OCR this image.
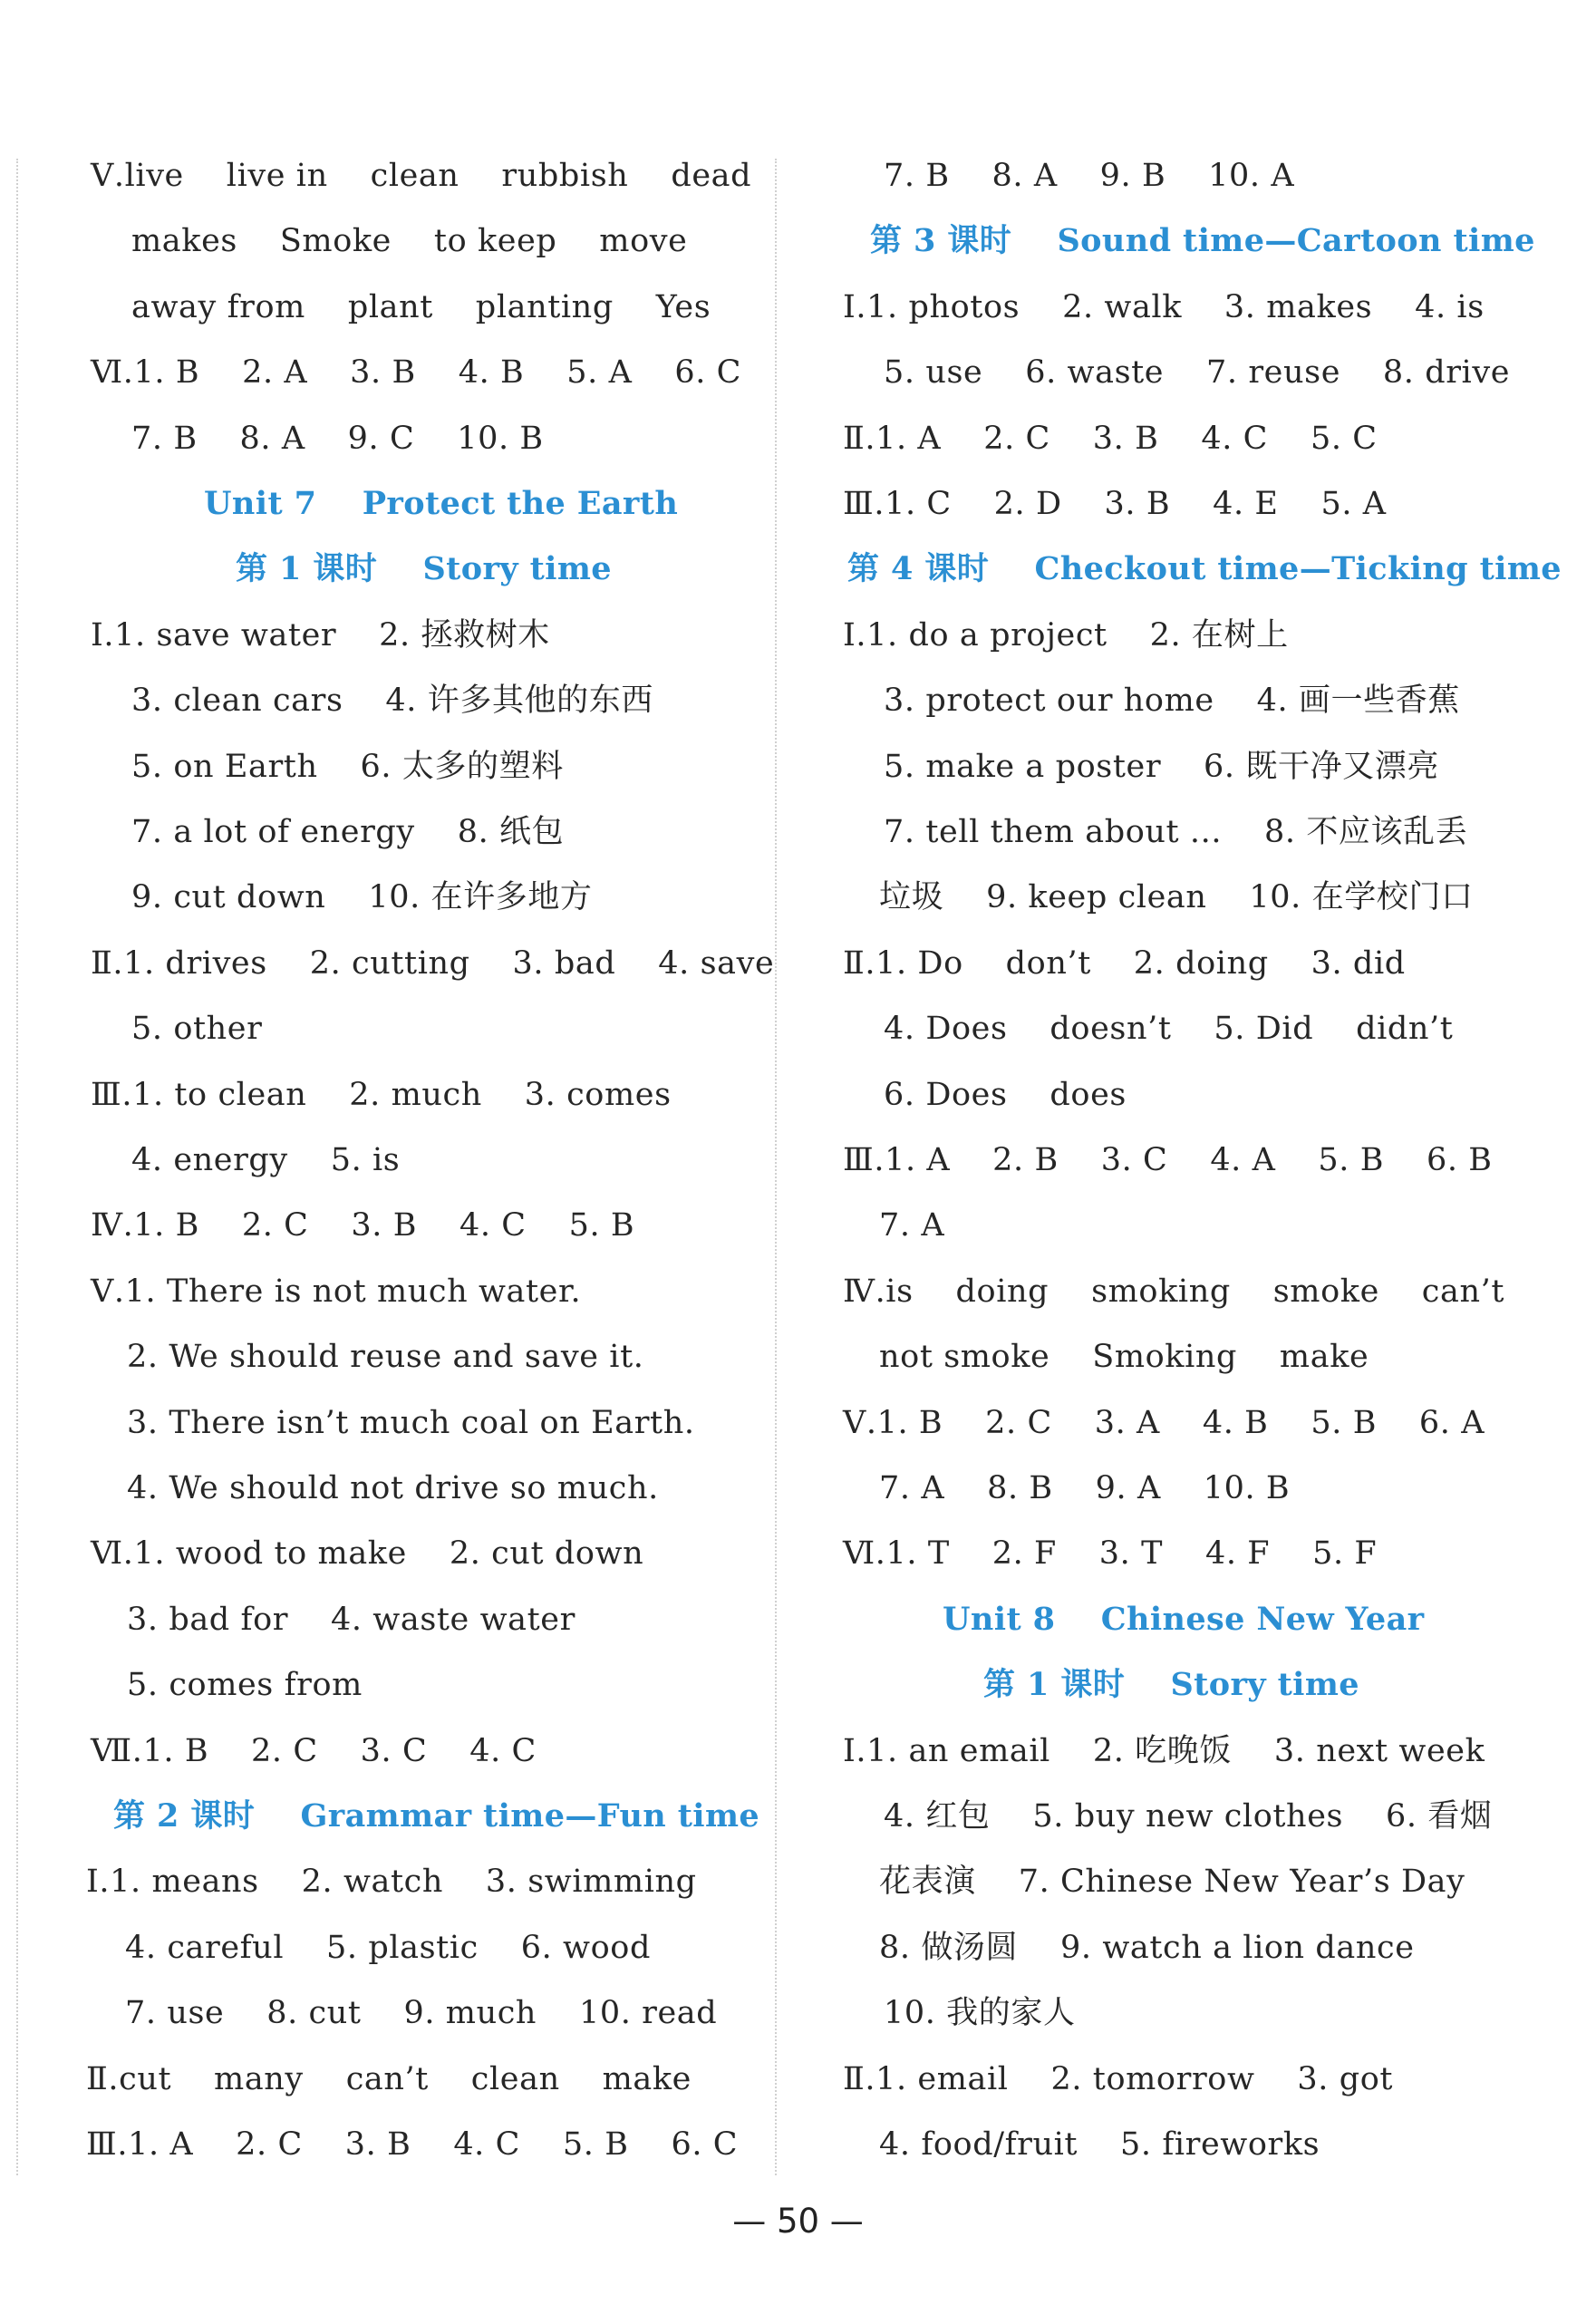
Ⅴ.live    live in    clean    rubbish    dead
makes    Smoke    to keep    move
away from    plant    planting    Yes
Ⅵ.1. B    2. A    3. B    4. B    5. A    6. C
7. B    8. A    9. C    10. B
Unit 7    Protect the Earth
第 1 课时    Story time
Ⅰ.1. save water    2. 拯救树木
3. clean cars    4. 许多其他的东西
5. on Earth    6. 太多的塑料
7. a lot of energy    8. 纸包
9. cut down    10. 在许多地方
Ⅱ.1. drives    2. cutting    3. bad    4. save
5. other
Ⅲ.1. to clean    2. much    3. comes
4. energy    5. is
Ⅳ.1. B    2. C    3. B    4. C    5. B
Ⅴ.1. There is not much water.
2. We should reuse and save it.
3. There isn’t much coal on Earth.
4. We should not drive so much.
Ⅵ.1. wood to make    2. cut down
3. bad for    4. waste water
5. comes from
Ⅶ.1. B    2. C    3. C    4. C
第 2 课时    Grammar time—Fun time
Ⅰ.1. means    2. watch    3. swimming
4. careful    5. plastic    6. wood
7. use    8. cut    9. much    10. read
Ⅱ.cut    many    can’t    clean    make
Ⅲ.1. A    2. C    3. B    4. C    5. B    6. C
7. B    8. A    9. B    10. A
第 3 课时    Sound time—Cartoon time
Ⅰ.1. photos    2. walk    3. makes    4. is
5. use    6. waste    7. reuse    8. drive
Ⅱ.1. A    2. C    3. B    4. C    5. C
Ⅲ.1. C    2. D    3. B    4. E    5. A
第 4 课时    Checkout time—Ticking time
Ⅰ.1. do a project    2. 在树上
3. protect our home    4. 画一些香蕉
5. make a poster    6. 既干净又漂亮
7. tell them about ...    8. 不应该乱丢
垃圾    9. keep clean    10. 在学校门口
Ⅱ.1. Do    don’t    2. doing    3. did
4. Does    doesn’t    5. Did    didn’t
6. Does    does
Ⅲ.1. A    2. B    3. C    4. A    5. B    6. B
7. A
Ⅳ.is    doing    smoking    smoke    can’t
not smoke    Smoking    make
Ⅴ.1. B    2. C    3. A    4. B    5. B    6. A
7. A    8. B    9. A    10. B
Ⅵ.1. T    2. F    3. T    4. F    5. F
Unit 8    Chinese New Year
第 1 课时    Story time
Ⅰ.1. an email    2. 吃晚饭    3. next week
4. 红包    5. buy new clothes    6. 看烟
花表演    7. Chinese New Year’s Day
8. 做汤圆    9. watch a lion dance
10. 我的家人
Ⅱ.1. email    2. tomorrow    3. got
4. food/fruit    5. fireworks
— 50 —
